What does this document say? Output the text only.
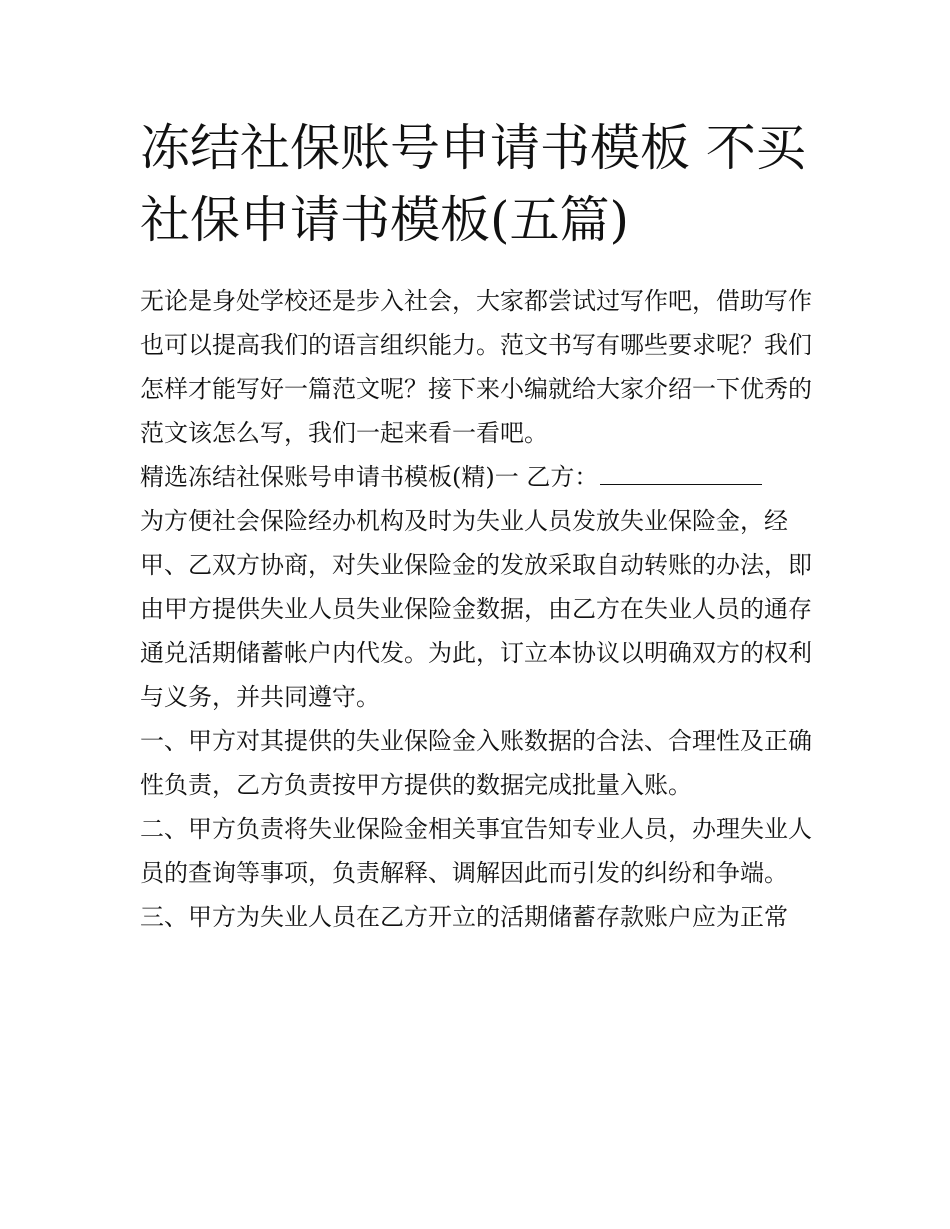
冻结社保账号申请书模板 不买社保申请书模板(五篇)

无论是身处学校还是步入社会，大家都尝试过写作吧，借助写作也可以提高我们的语言组织能力。范文书写有哪些要求呢？我们怎样才能写好一篇范文呢？接下来小编就给大家介绍一下优秀的范文该怎么写，我们一起来看一看吧。

精选冻结社保账号申请书模板(精)一 乙方：

为方便社会保险经办机构及时为失业人员发放失业保险金，经甲、乙双方协商，对失业保险金的发放采取自动转账的办法，即由甲方提供失业人员失业保险金数据，由乙方在失业人员的通存通兑活期储蓄帐户内代发。为此，订立本协议以明确双方的权利与义务，并共同遵守。

一、甲方对其提供的失业保险金入账数据的合法、合理性及正确性负责，乙方负责按甲方提供的数据完成批量入账。

二、甲方负责将失业保险金相关事宜告知专业人员，办理失业人员的查询等事项，负责解释、调解因此而引发的纠纷和争端。

三、甲方为失业人员在乙方开立的活期储蓄存款账户应为正常
